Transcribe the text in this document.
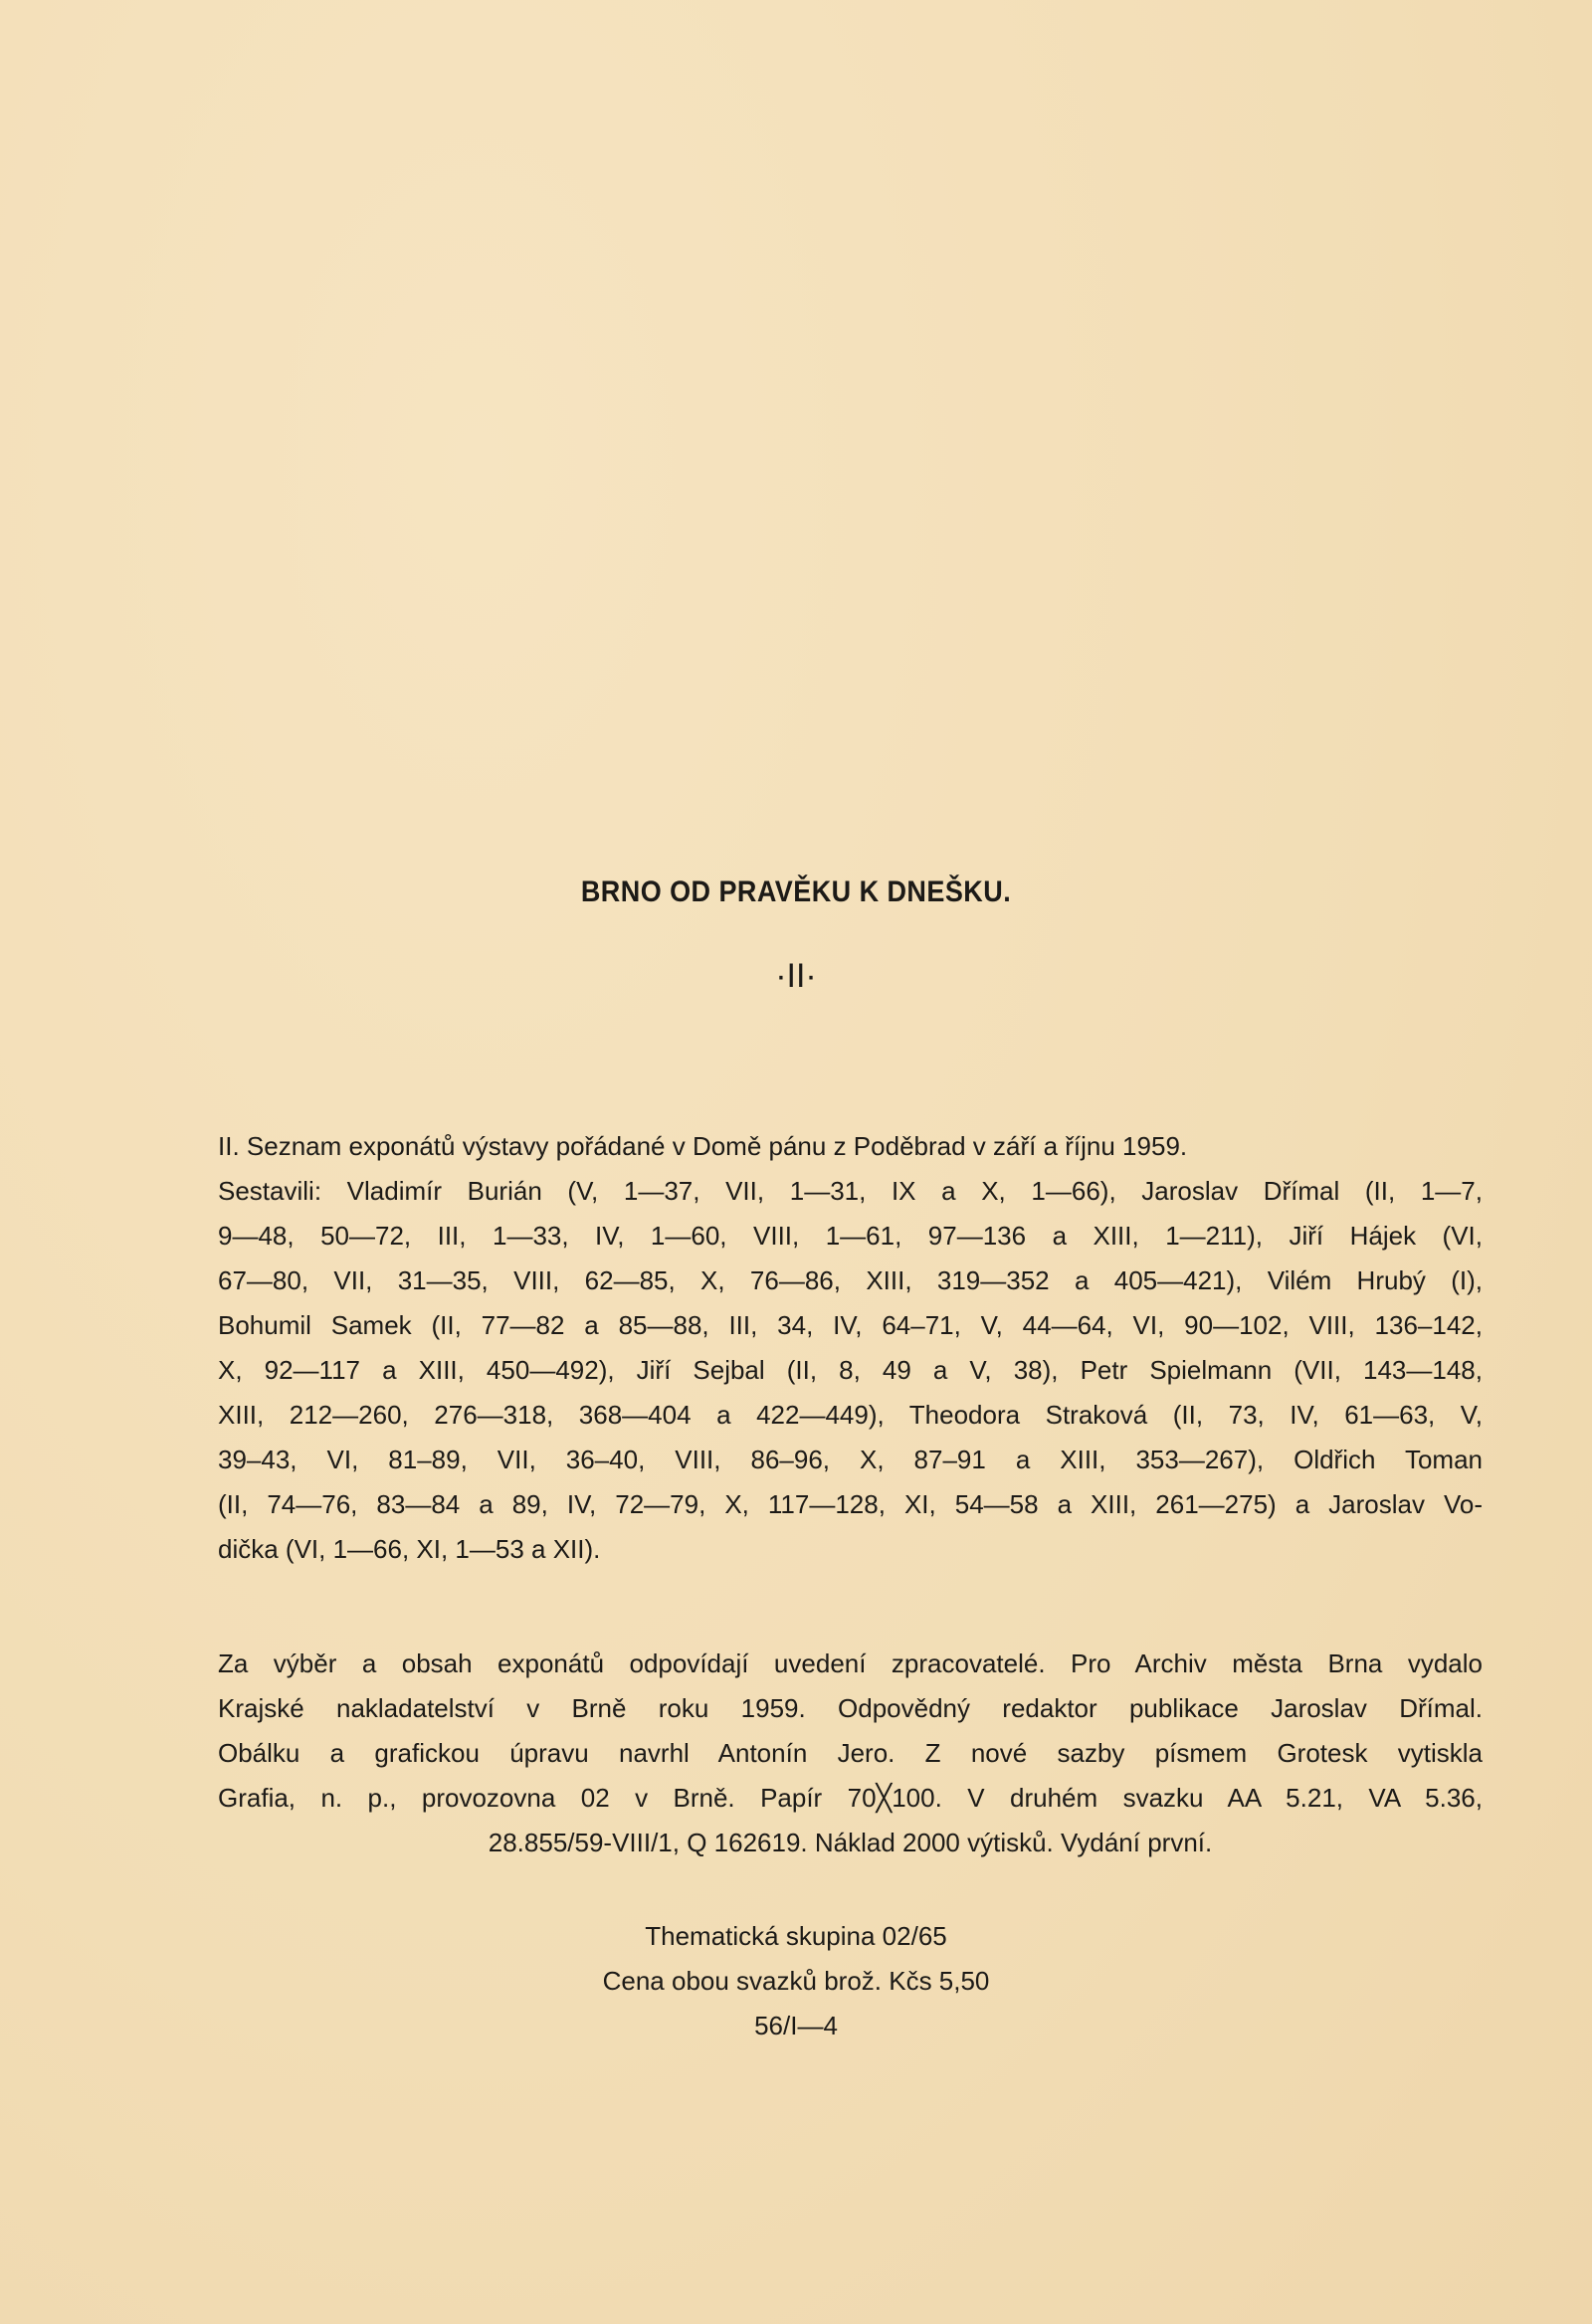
BRNO OD PRAVĚKU K DNEŠKU.
·II·
II. Seznam exponátů výstavy pořádané v Domě pánu z Poděbrad v září a říjnu 1959.
Sestavili: Vladimír Burián (V, 1—37, VII, 1—31, IX a X, 1—66), Jaroslav Dřímal (II, 1—7,
9—48, 50—72, III, 1—33, IV, 1—60, VIII, 1—61, 97—136 a XIII, 1—211), Jiří Hájek (VI,
67—80, VII, 31—35, VIII, 62—85, X, 76—86, XIII, 319—352 a 405—421), Vilém Hrubý (I),
Bohumil Samek (II, 77—82 a 85—88, III, 34, IV, 64–71, V, 44—64, VI, 90—102, VIII, 136–142,
X, 92—117 a XIII, 450—492), Jiří Sejbal (II, 8, 49 a V, 38), Petr Spielmann (VII, 143—148,
XIII, 212—260, 276—318, 368—404 a 422—449), Theodora Straková (II, 73, IV, 61—63, V,
39–43, VI, 81–89, VII, 36–40, VIII, 86–96, X, 87–91 a XIII, 353—267), Oldřich Toman
(II, 74—76, 83—84 a 89, IV, 72—79, X, 117—128, XI, 54—58 a XIII, 261—275) a Jaroslav Vo-
dička (VI, 1—66, XI, 1—53 a XII).
Za výběr a obsah exponátů odpovídají uvedení zpracovatelé. Pro Archiv města Brna vydalo
Krajské nakladatelství v Brně roku 1959. Odpovědný redaktor publikace Jaroslav Dřímal.
Obálku a grafickou úpravu navrhl Antonín Jero. Z nové sazby písmem Grotesk vytiskla
Grafia, n. p., provozovna 02 v Brně. Papír 70╳100. V druhém svazku AA 5.21, VA 5.36,
28.855/59-VIII/1, Q 162619. Náklad 2000 výtisků. Vydání první.
Thematická skupina 02/65
Cena obou svazků brož. Kčs 5,50
56/I—4
